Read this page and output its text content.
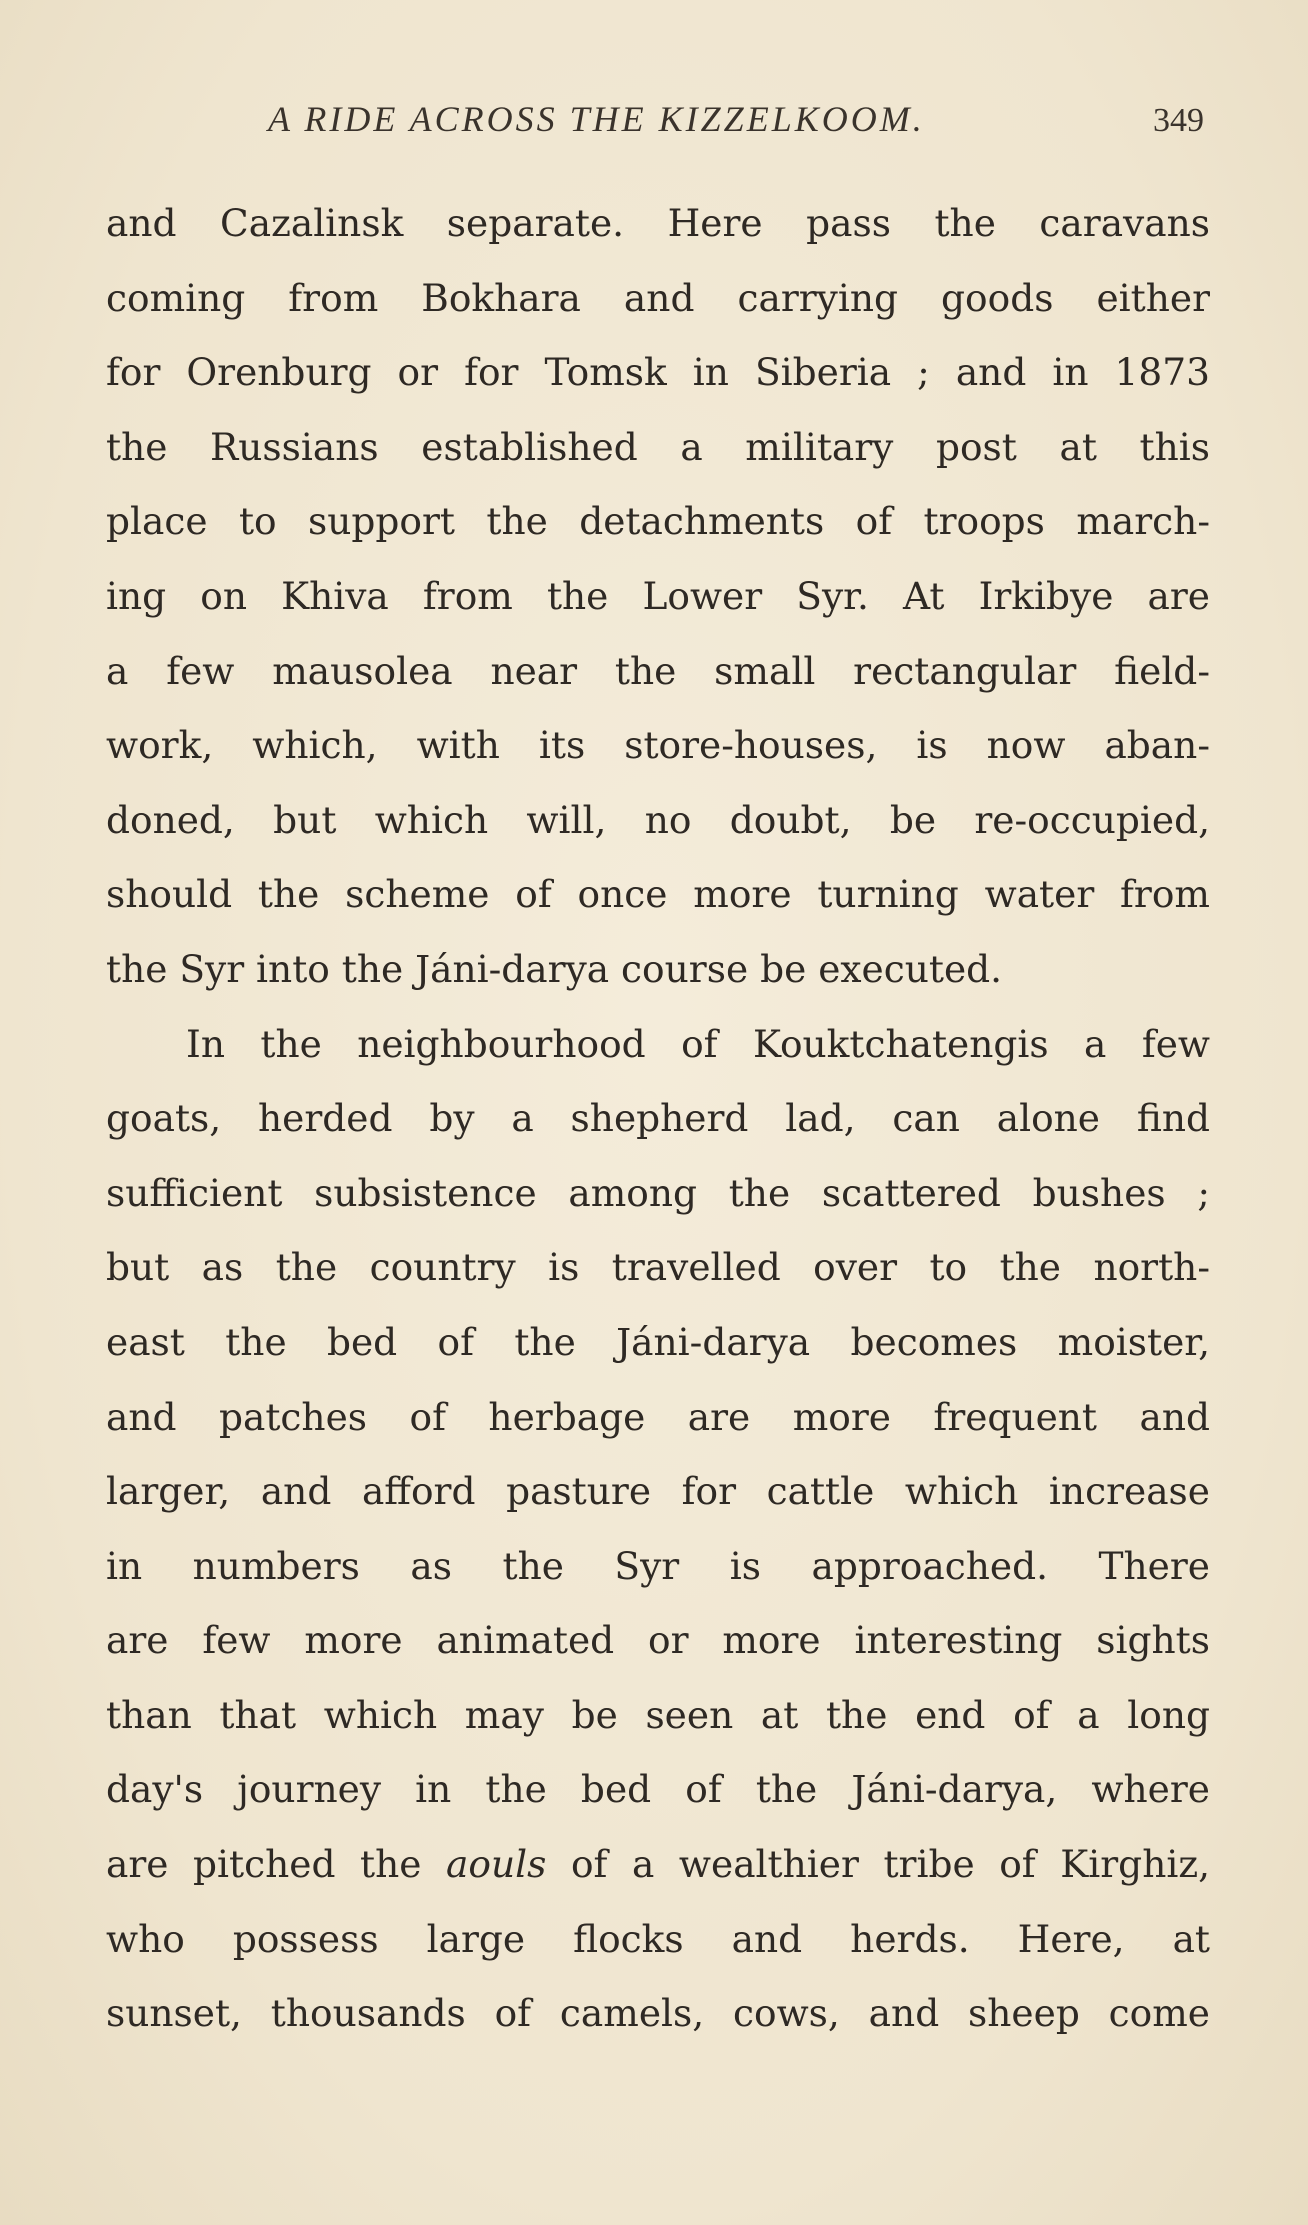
A RIDE ACROSS THE KIZZELKOOM.	349
and Cazalinsk separate. Here pass the caravans
coming from Bokhara and carrying goods either
for Orenburg or for Tomsk in Siberia ; and in 1873
the Russians established a military post at this
place to support the detachments of troops march-
ing on Khiva from the Lower Syr. At Irkibye are
a few mausolea near the small rectangular field-
work, which, with its store-houses, is now aban-
doned, but which will, no doubt, be re-occupied,
should the scheme of once more turning water from
the Syr into the Jáni-darya course be executed.
In the neighbourhood of Kouktchatengis a few
goats, herded by a shepherd lad, can alone find
sufficient subsistence among the scattered bushes ;
but as the country is travelled over to the north-
east the bed of the Jáni-darya becomes moister,
and patches of herbage are more frequent and
larger, and afford pasture for cattle which increase
in numbers as the Syr is approached. There
are few more animated or more interesting sights
than that which may be seen at the end of a long
day's journey in the bed of the Jáni-darya, where
are pitched the aouls of a wealthier tribe of Kirghiz,
who possess large flocks and herds. Here, at
sunset, thousands of camels, cows, and sheep come
